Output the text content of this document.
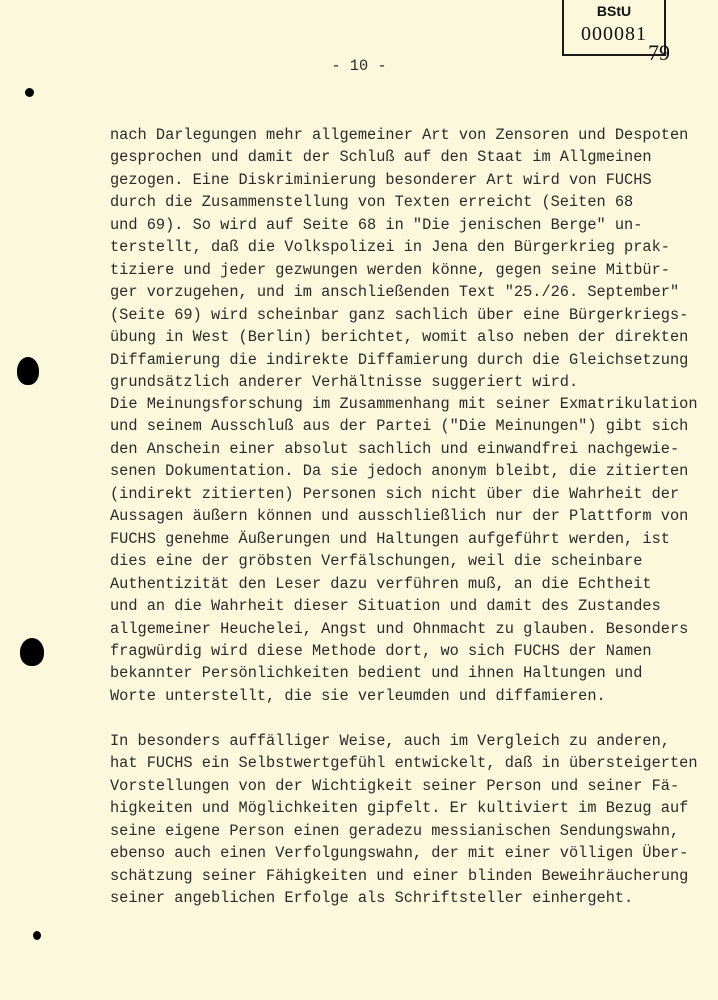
BStU
000081
79
- 10 -
nach Darlegungen mehr allgemeiner Art von Zensoren und Despoten
gesprochen und damit der Schluß auf den Staat im Allgmeinen
gezogen. Eine Diskriminierung besonderer Art wird von FUCHS
durch die Zusammenstellung von Texten erreicht (Seiten 68
und 69). So wird auf Seite 68 in "Die jenischen Berge" un-
terstellt, daß die Volkspolizei in Jena den Bürgerkrieg prak-
tiziere und jeder gezwungen werden könne, gegen seine Mitbür-
ger vorzugehen, und im anschließenden Text "25./26. September"
(Seite 69) wird scheinbar ganz sachlich über eine Bürgerkriegs-
übung in West (Berlin) berichtet, womit also neben der direkten
Diffamierung die indirekte Diffamierung durch die Gleichsetzung
grundsätzlich anderer Verhältnisse suggeriert wird.
Die Meinungsforschung im Zusammenhang mit seiner Exmatrikulation
und seinem Ausschluß aus der Partei ("Die Meinungen") gibt sich
den Anschein einer absolut sachlich und einwandfrei nachgewie-
senen Dokumentation. Da sie jedoch anonym bleibt, die zitierten
(indirekt zitierten) Personen sich nicht über die Wahrheit der
Aussagen äußern können und ausschließlich nur der Plattform von
FUCHS genehme Äußerungen und Haltungen aufgeführt werden, ist
dies eine der gröbsten Verfälschungen, weil die scheinbare
Authentizität den Leser dazu verführen muß, an die Echtheit
und an die Wahrheit dieser Situation und damit des Zustandes
allgemeiner Heuchelei, Angst und Ohnmacht zu glauben. Besonders
fragwürdig wird diese Methode dort, wo sich FUCHS der Namen
bekannter Persönlichkeiten bedient und ihnen Haltungen und
Worte unterstellt, die sie verleumden und diffamieren.
In besonders auffälliger Weise, auch im Vergleich zu anderen,
hat FUCHS ein Selbstwertgefühl entwickelt, daß in übersteigerten
Vorstellungen von der Wichtigkeit seiner Person und seiner Fä-
higkeiten und Möglichkeiten gipfelt. Er kultiviert im Bezug auf
seine eigene Person einen geradezu messianischen Sendungswahn,
ebenso auch einen Verfolgungswahn, der mit einer völligen Über-
schätzung seiner Fähigkeiten und einer blinden Beweihräucherung
seiner angeblichen Erfolge als Schriftsteller einhergeht.
